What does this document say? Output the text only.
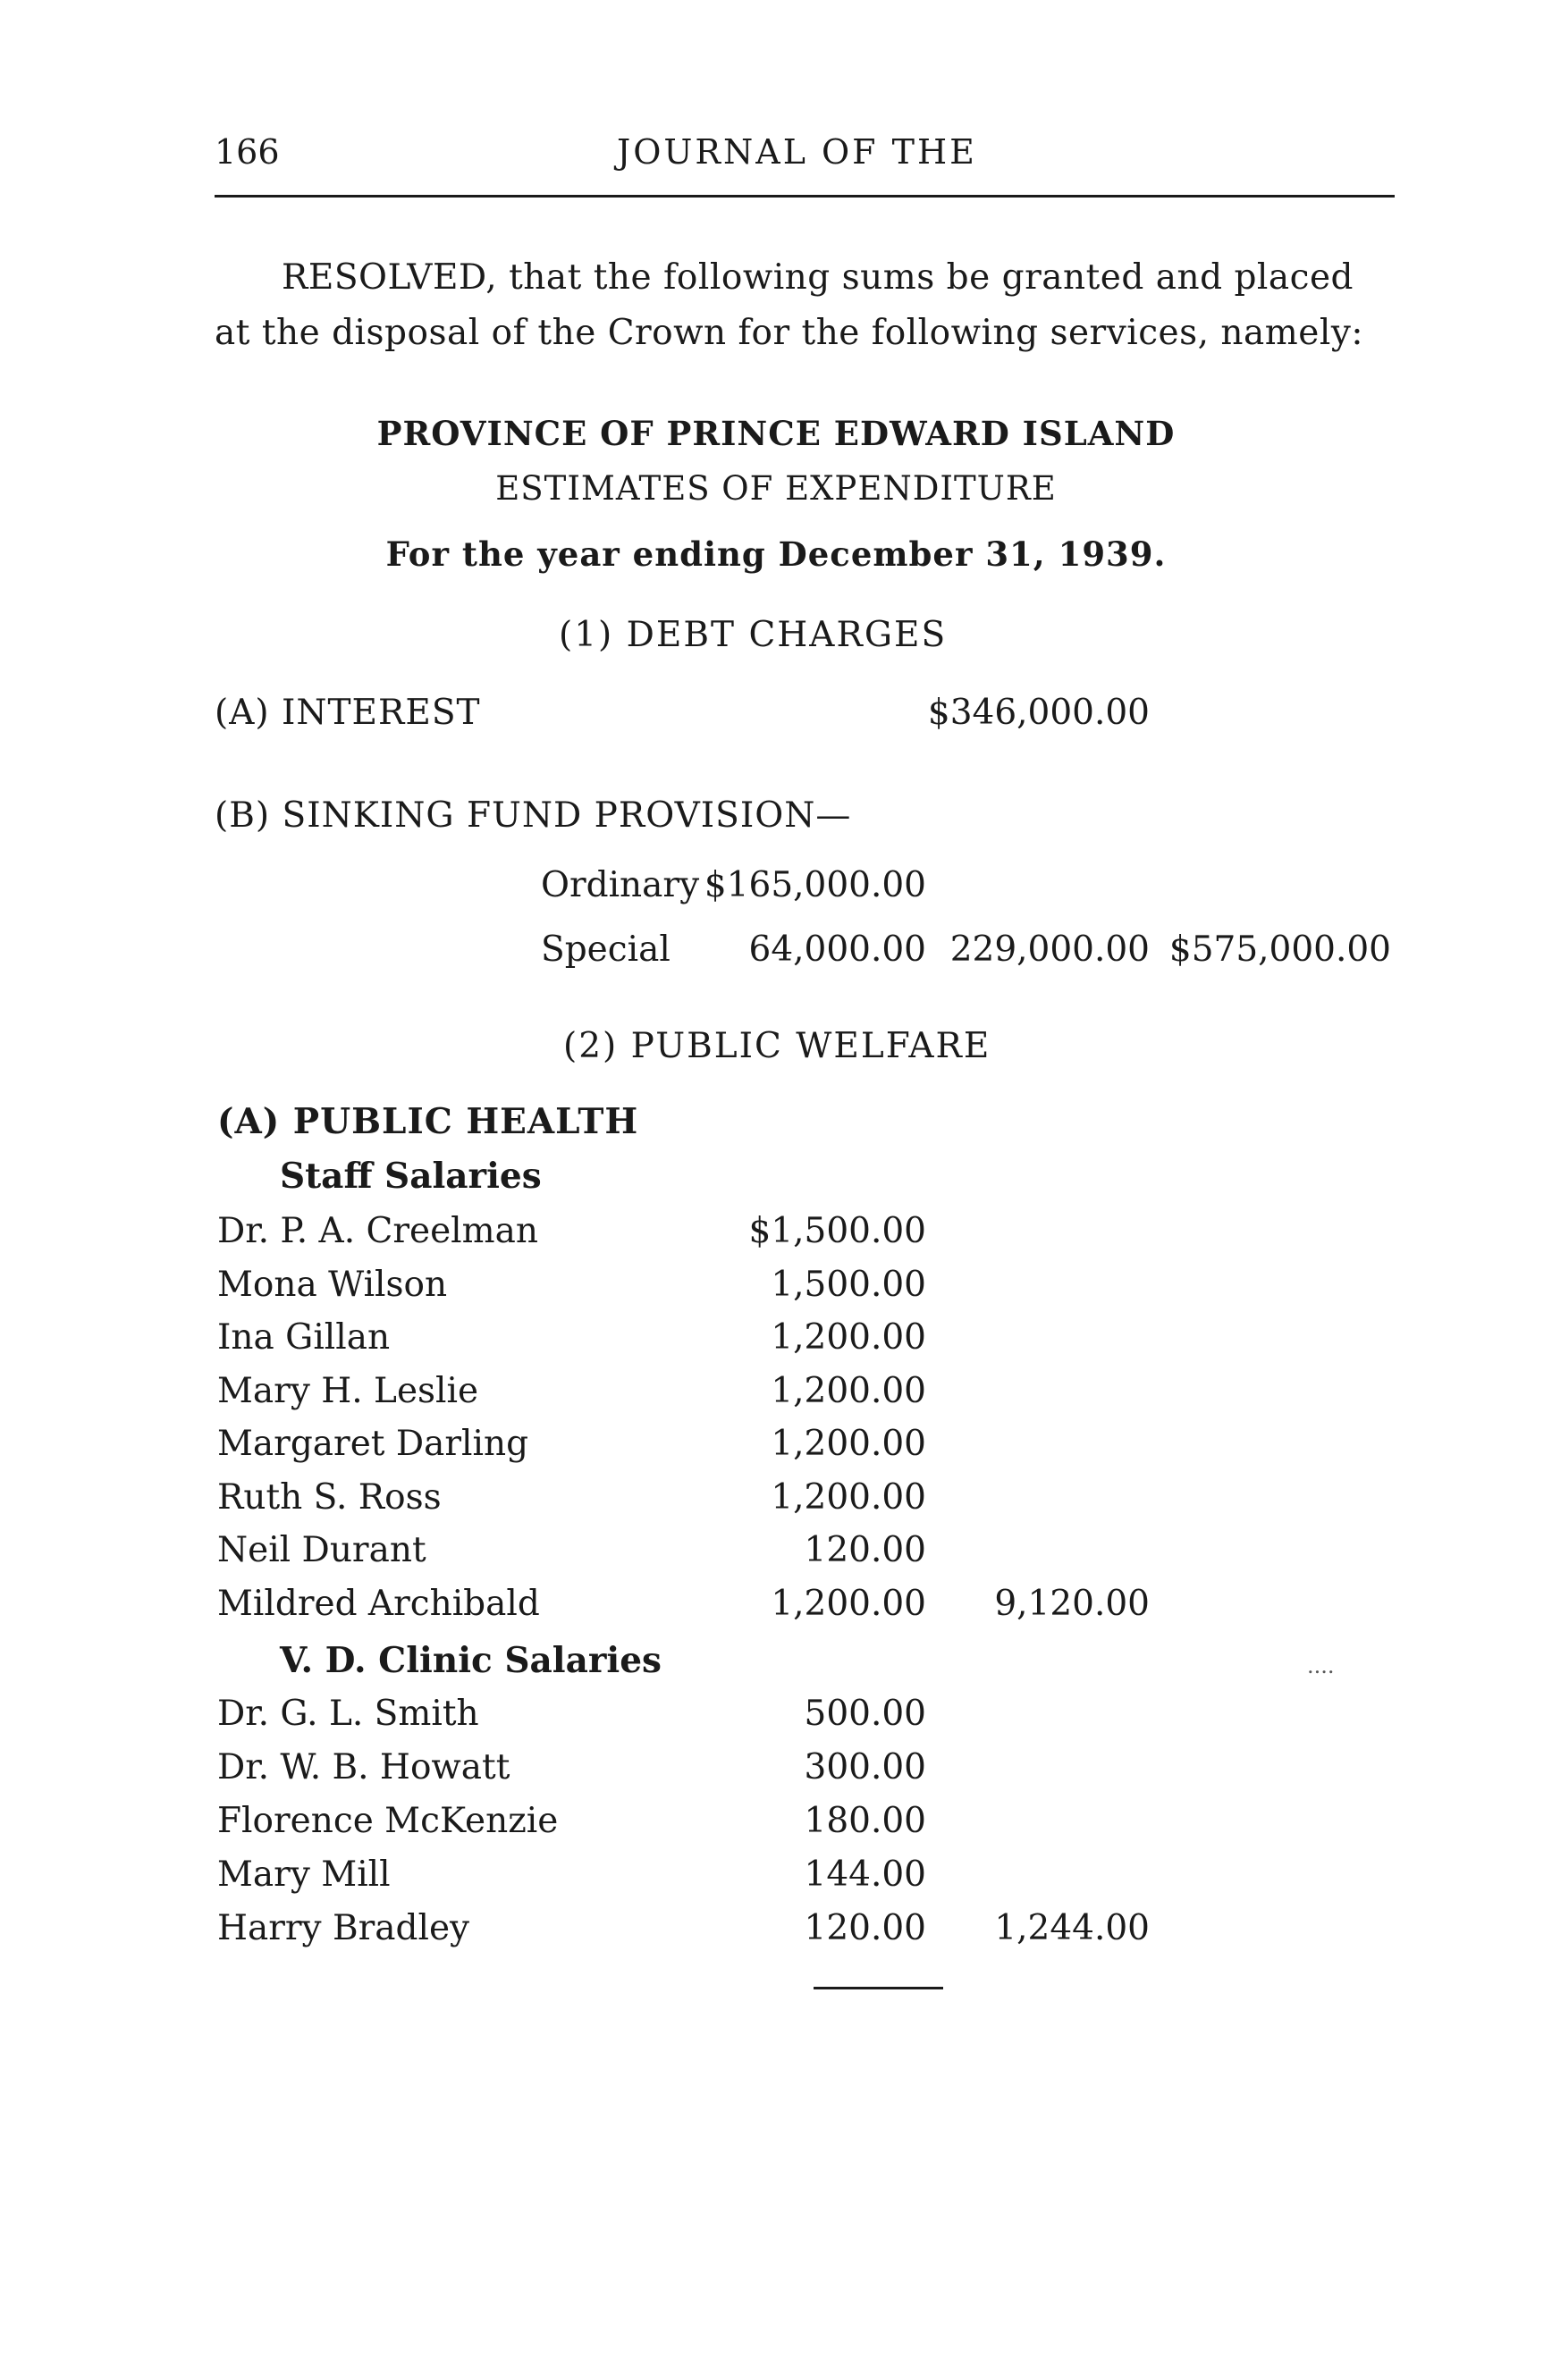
166	JOURNAL OF THE
RESOLVED, that the following sums be granted and placed
at the disposal of the Crown for the following services, namely:
PROVINCE OF PRINCE EDWARD ISLAND
ESTIMATES OF EXPENDITURE
For the year ending December 31, 1939.
(1) DEBT CHARGES
(A) INTEREST	$346,000.00
(B) SINKING FUND PROVISION—
Ordinary $165,000.00
Special 64,000.00 229,000.00 $575,000.00
(2) PUBLIC WELFARE
(A) PUBLIC HEALTH
Staff Salaries
Dr. P. A. Creelman	$1,500.00
Mona Wilson	1,500.00
Ina Gillan	1,200.00
Mary H. Leslie	1,200.00
Margaret Darling	1,200.00
Ruth S. Ross	1,200.00
Neil Durant	120.00
Mildred Archibald	1,200.00 9,120.00
V. D. Clinic Salaries	....
Dr. G. L. Smith	500.00
Dr. W. B. Howatt	300.00
Florence McKenzie	180.00
Mary Mill	144.00
Harry Bradley	120.00 1,244.00
